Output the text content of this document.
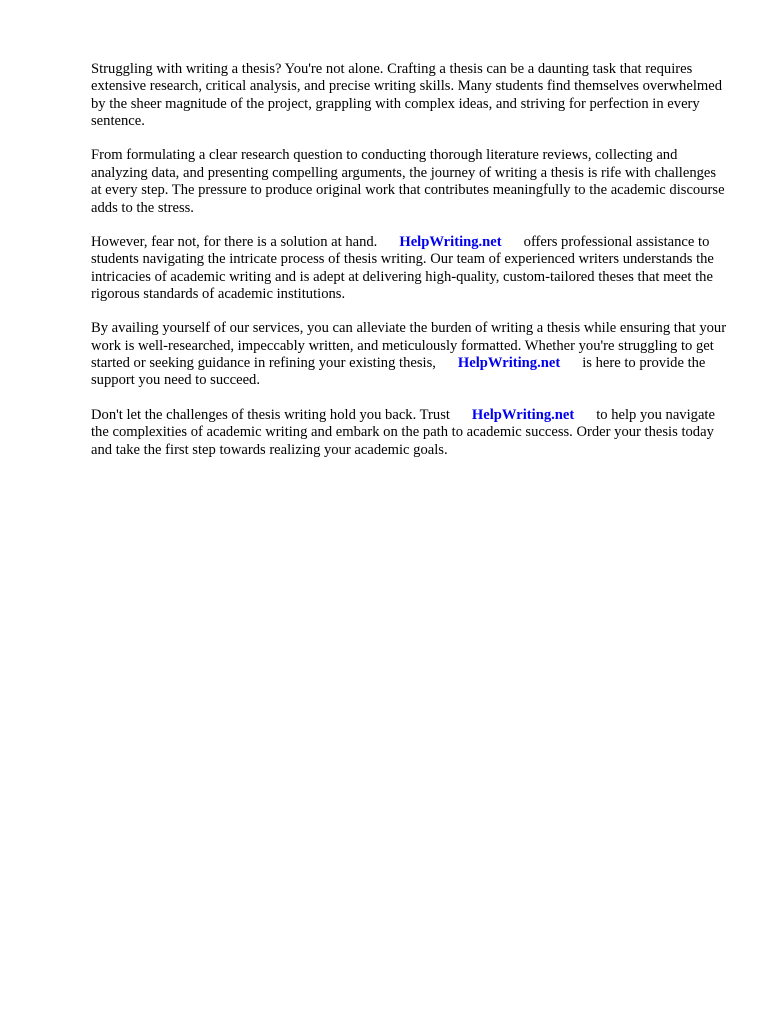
Struggling with writing a thesis? You're not alone. Crafting a thesis can be a daunting task that requires extensive research, critical analysis, and precise writing skills. Many students find themselves overwhelmed by the sheer magnitude of the project, grappling with complex ideas, and striving for perfection in every sentence.

From formulating a clear research question to conducting thorough literature reviews, collecting and analyzing data, and presenting compelling arguments, the journey of writing a thesis is rife with challenges at every step. The pressure to produce original work that contributes meaningfully to the academic discourse adds to the stress.

However, fear not, for there is a solution at hand. HelpWriting.net offers professional assistance to students navigating the intricate process of thesis writing. Our team of experienced writers understands the intricacies of academic writing and is adept at delivering high-quality, custom-tailored theses that meet the rigorous standards of academic institutions.

By availing yourself of our services, you can alleviate the burden of writing a thesis while ensuring that your work is well-researched, impeccably written, and meticulously formatted. Whether you're struggling to get started or seeking guidance in refining your existing thesis, HelpWriting.net is here to provide the support you need to succeed.

Don't let the challenges of thesis writing hold you back. Trust HelpWriting.net to help you navigate the complexities of academic writing and embark on the path to academic success. Order your thesis today and take the first step towards realizing your academic goals.
